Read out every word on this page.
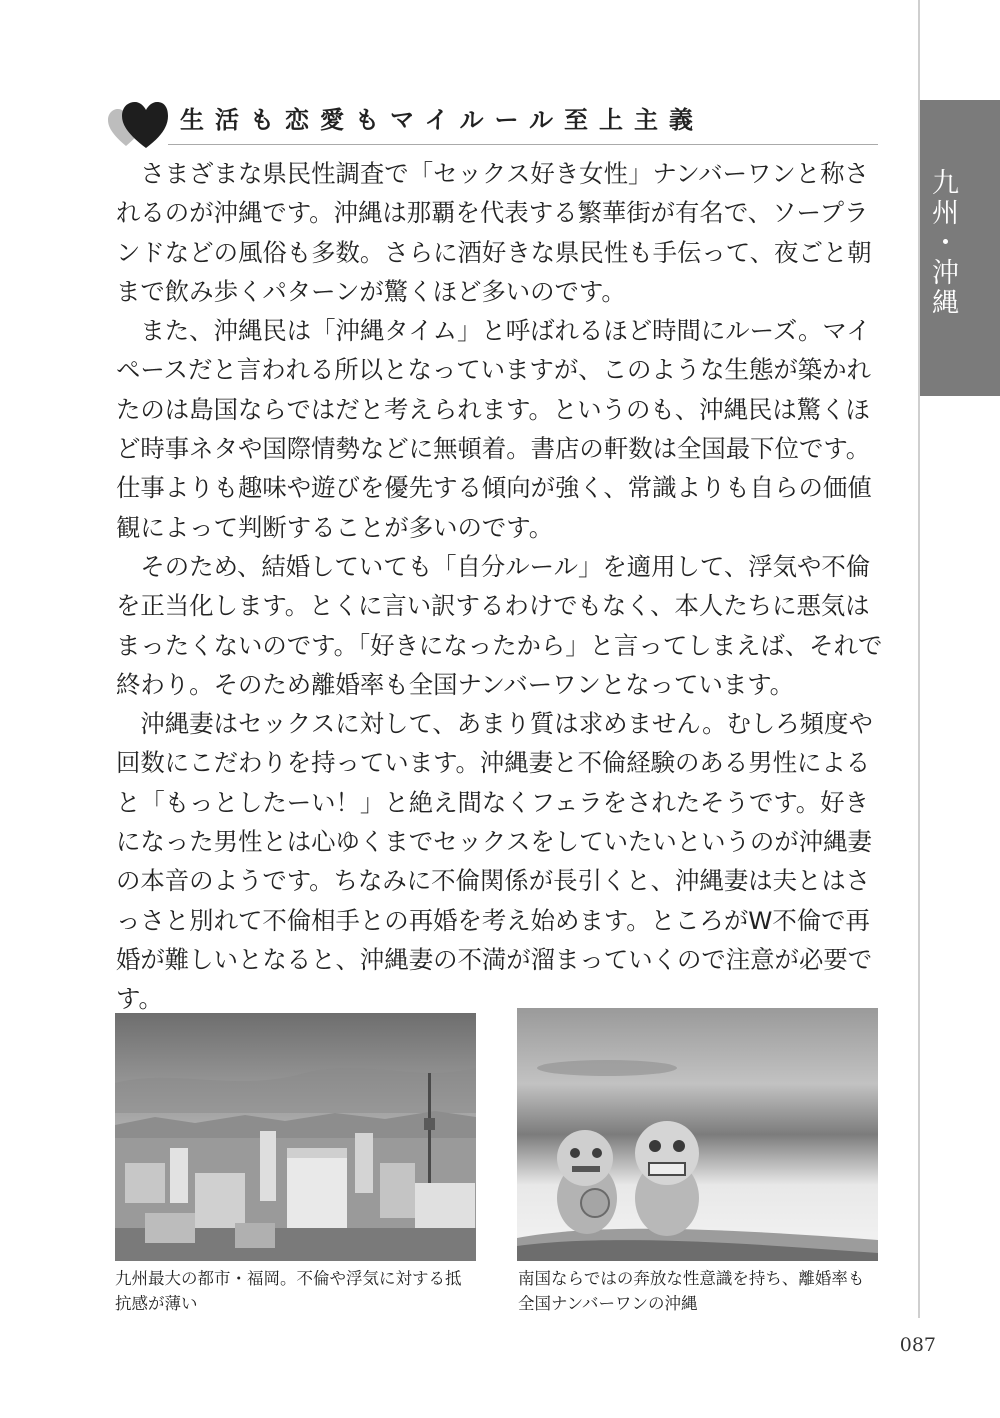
九州・沖縄
生活も恋愛もマイルール至上主義

さまざまな県民性調査で「セックス好き女性」ナンバーワンと称されるのが沖縄です。沖縄は那覇を代表する繁華街が有名で、ソープランドなどの風俗も多数。さらに酒好きな県民性も手伝って、夜ごと朝まで飲み歩くパターンが驚くほど多いのです。

また、沖縄民は「沖縄タイム」と呼ばれるほど時間にルーズ。マイペースだと言われる所以となっていますが、このような生態が築かれたのは島国ならではだと考えられます。というのも、沖縄民は驚くほど時事ネタや国際情勢などに無頓着。書店の軒数は全国最下位です。仕事よりも趣味や遊びを優先する傾向が強く、常識よりも自らの価値観によって判断することが多いのです。

そのため、結婚していても「自分ルール」を適用して、浮気や不倫を正当化します。とくに言い訳するわけでもなく、本人たちに悪気はまったくないのです。「好きになったから」と言ってしまえば、それで終わり。そのため離婚率も全国ナンバーワンとなっています。

沖縄妻はセックスに対して、あまり質は求めません。むしろ頻度や回数にこだわりを持っています。沖縄妻と不倫経験のある男性によると「もっとしたーい！」と絶え間なくフェラをされたそうです。好きになった男性とは心ゆくまでセックスをしていたいというのが沖縄妻の本音のようです。ちなみに不倫関係が長引くと、沖縄妻は夫とはさっさと別れて不倫相手との再婚を考え始めます。ところがW不倫で再婚が難しいとなると、沖縄妻の不満が溜まっていくので注意が必要です。

九州最大の都市・福岡。不倫や浮気に対する抵抗感が薄い
南国ならではの奔放な性意識を持ち、離婚率も全国ナンバーワンの沖縄
087
